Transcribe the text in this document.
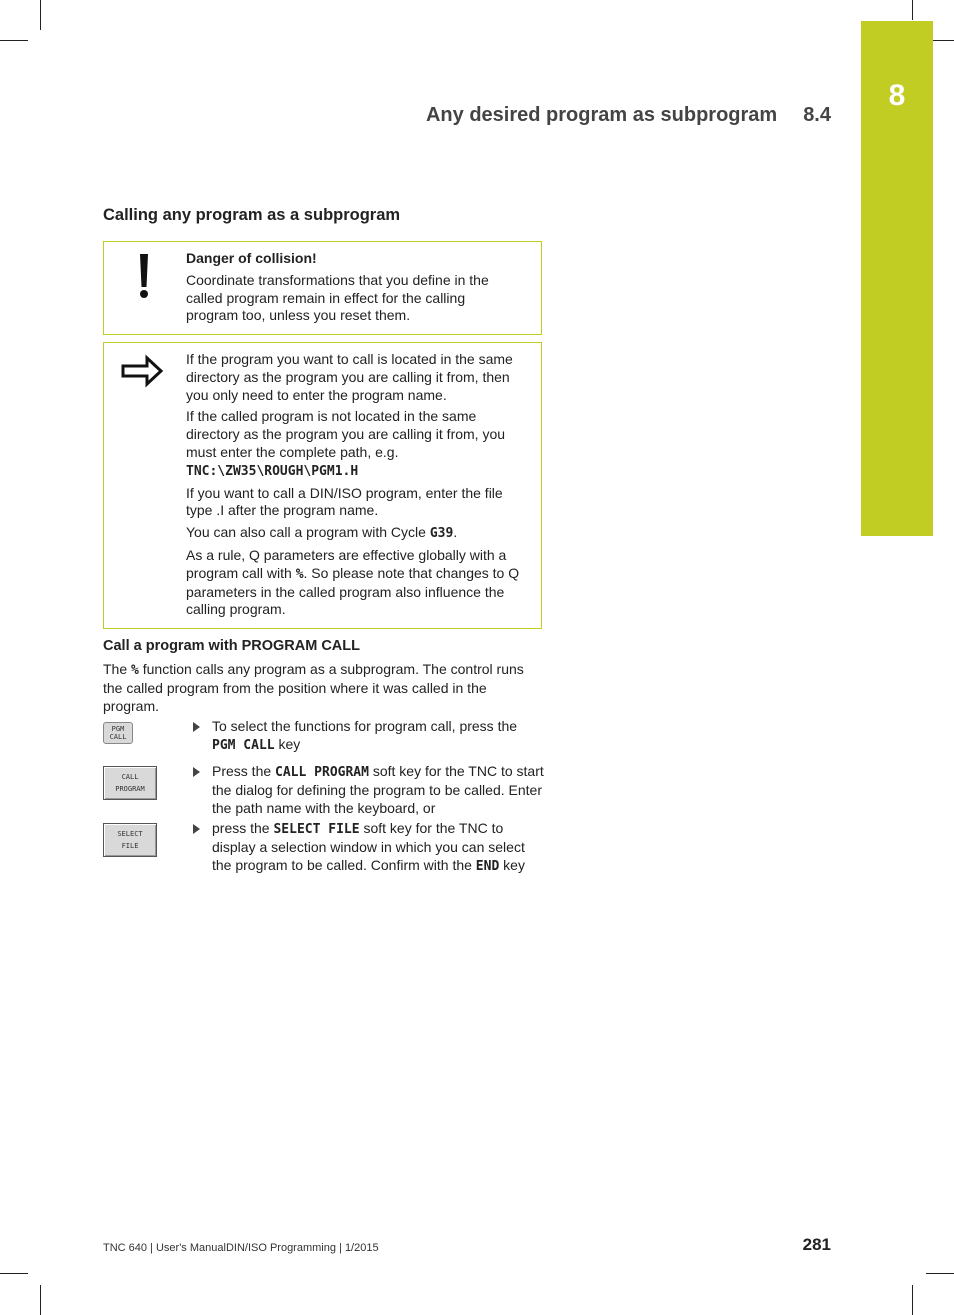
8
Any desired program as subprogram 8.4
Calling any program as a subprogram

Danger of collision!

Coordinate transformations that you define in the called program remain in effect for the calling program too, unless you reset them.

If the program you want to call is located in the same directory as the program you are calling it from, then you only need to enter the program name.

If the called program is not located in the same directory as the program you are calling it from, you must enter the complete path, e.g. TNC:\ZW35\ROUGH\PGM1.H

If you want to call a DIN/ISO program, enter the file type .I after the program name.

You can also call a program with Cycle G39.

As a rule, Q parameters are effective globally with a program call with %. So please note that changes to Q parameters in the called program also influence the calling program.

Call a program with PROGRAM CALL

The % function calls any program as a subprogram. The control runs the called program from the position where it was called in the program.

PGM
CALL
To select the functions for program call, press the PGM CALL key
CALL
PROGRAM
Press the CALL PROGRAM soft key for the TNC to start the dialog for defining the program to be called. Enter the path name with the keyboard, or
SELECT
FILE
press the SELECT FILE soft key for the TNC to display a selection window in which you can select the program to be called. Confirm with the END key
TNC 640 | User's ManualDIN/ISO Programming | 1/2015	281
